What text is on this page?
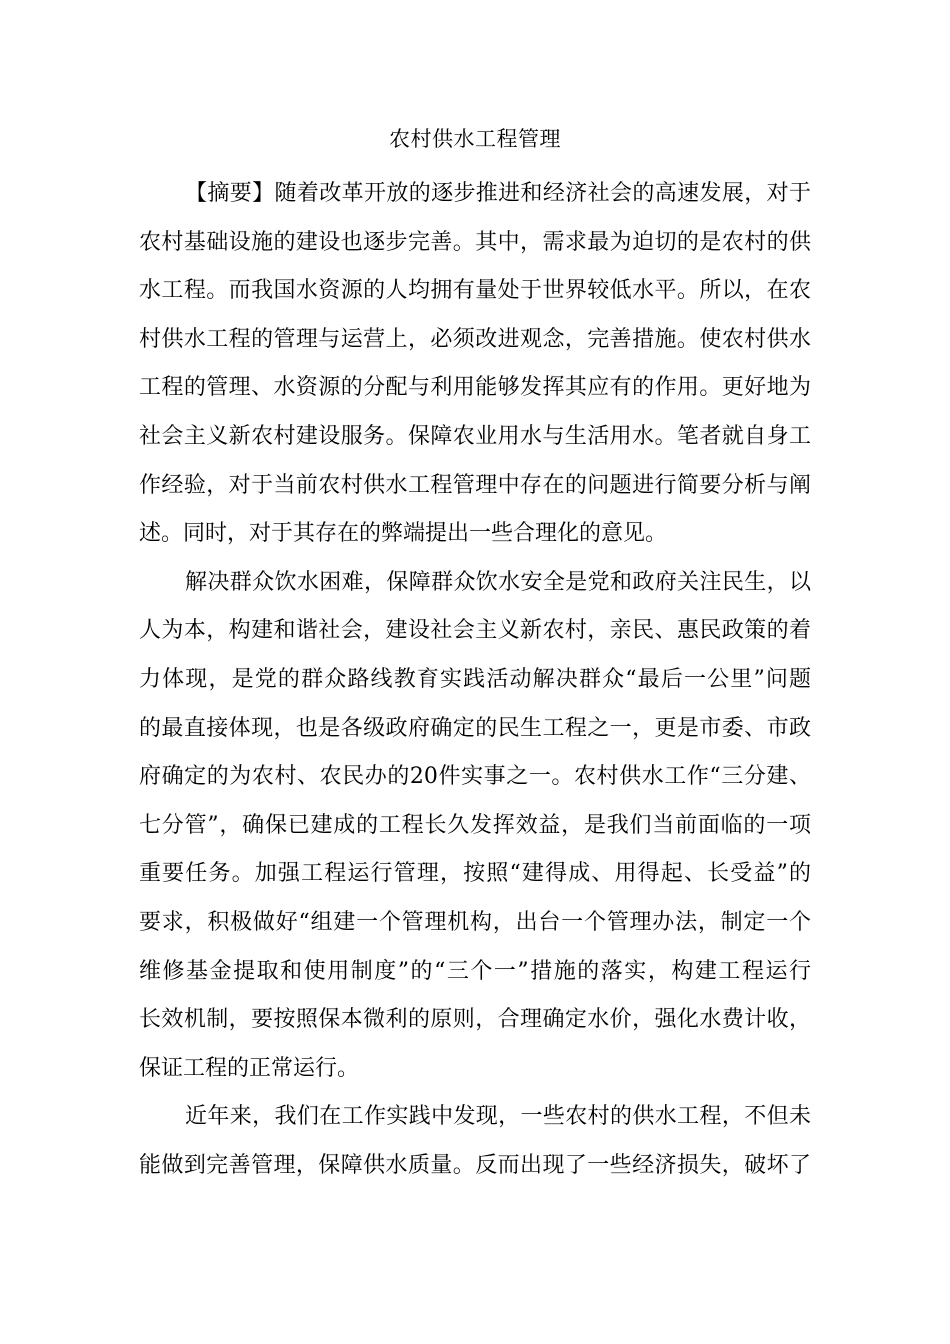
农村供水工程管理
【摘要】随着改革开放的逐步推进和经济社会的高速发展，对于
农村基础设施的建设也逐步完善。其中，需求最为迫切的是农村的供
水工程。而我国水资源的人均拥有量处于世界较低水平。所以，在农
村供水工程的管理与运营上，必须改进观念，完善措施。使农村供水
工程的管理、水资源的分配与利用能够发挥其应有的作用。更好地为
社会主义新农村建设服务。保障农业用水与生活用水。笔者就自身工
作经验，对于当前农村供水工程管理中存在的问题进行简要分析与阐
述。同时，对于其存在的弊端提出一些合理化的意见。
解决群众饮水困难，保障群众饮水安全是党和政府关注民生，以
人为本，构建和谐社会，建设社会主义新农村，亲民、惠民政策的着
力体现，是党的群众路线教育实践活动解决群众“最后一公里”问题
的最直接体现，也是各级政府确定的民生工程之一，更是市委、市政
府确定的为农村、农民办的20件实事之一。农村供水工作“三分建、
七分管”，确保已建成的工程长久发挥效益，是我们当前面临的一项
重要任务。加强工程运行管理，按照“建得成、用得起、长受益”的
要求，积极做好“组建一个管理机构，出台一个管理办法，制定一个
维修基金提取和使用制度”的“三个一”措施的落实，构建工程运行
长效机制，要按照保本微利的原则，合理确定水价，强化水费计收，
保证工程的正常运行。
近年来，我们在工作实践中发现，一些农村的供水工程，不但未
能做到完善管理，保障供水质量。反而出现了一些经济损失，破坏了
